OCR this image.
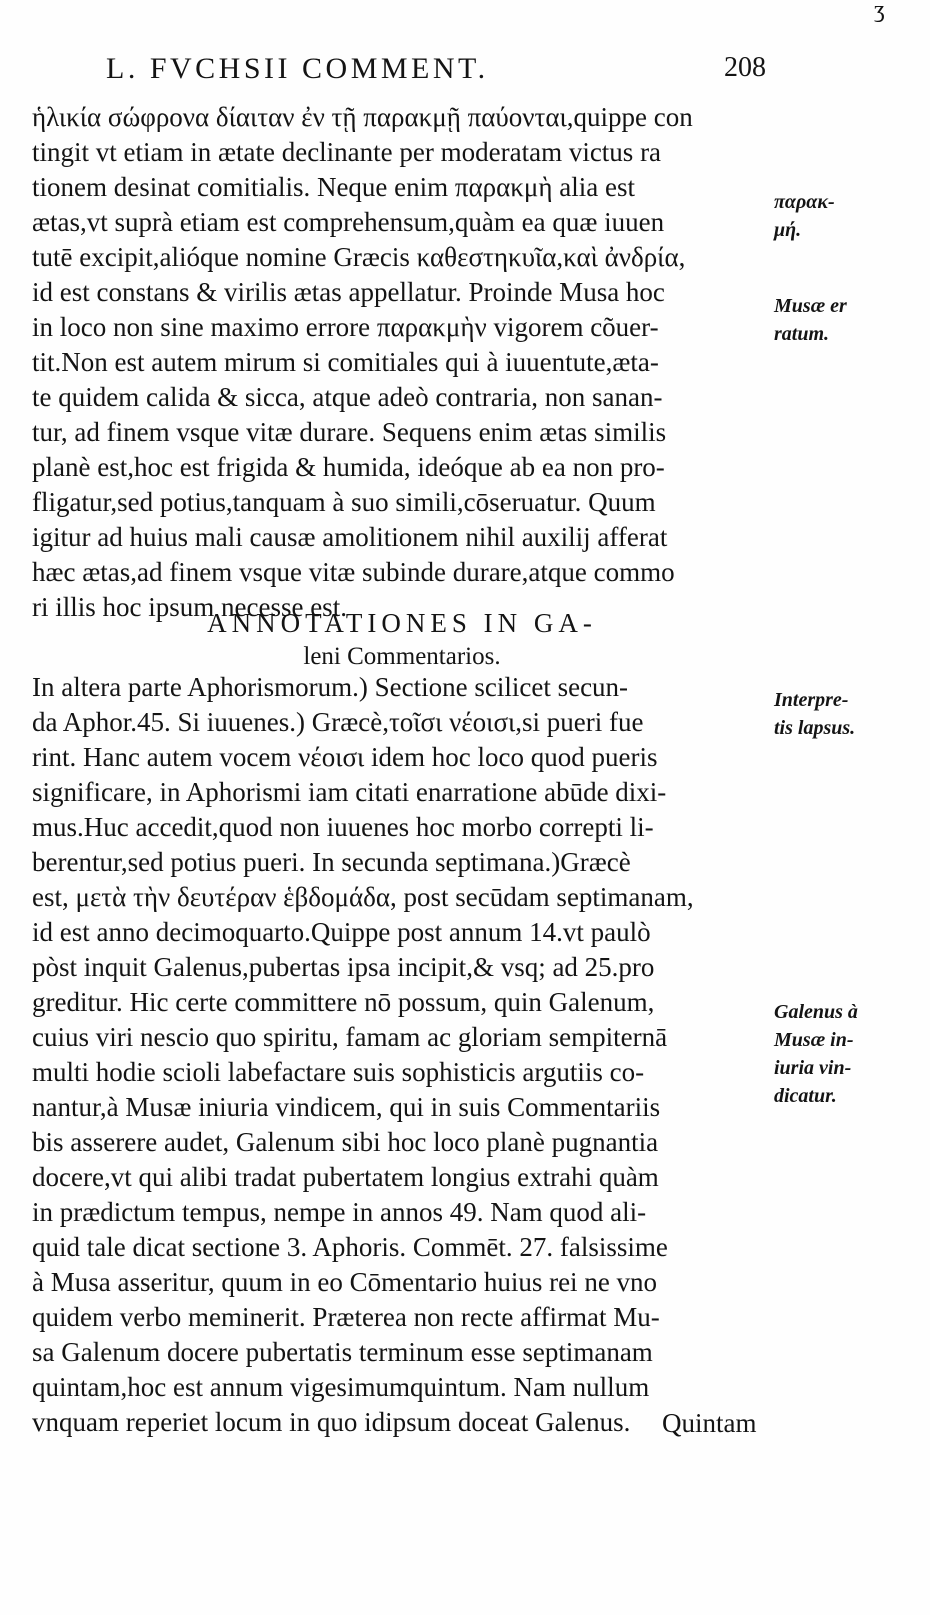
ʒ
L. FVCHSII COMMENT.	208
ἡλικία σώφρονα δίαιταν ἐν τῇ παρακμῇ παύονται,quippe con
tingit vt etiam in ætate declinante per moderatam victus ra
tionem desinat comitialis. Neque enim παρακμὴ alia est
ætas,vt suprà etiam est comprehensum,quàm ea quæ iuuen
tutē excipit,alióque nomine Græcis καθεστηκυῖα,καὶ ἀνδρία,
id est constans & virilis ætas appellatur. Proinde Musa hoc
in loco non sine maximo errore παρακμὴν vigorem cõuer-
tit.Non est autem mirum si comitiales qui à iuuentute,æta-
te quidem calida & sicca, atque adeò contraria, non sanan-
tur, ad finem vsque vitæ durare. Sequens enim ætas similis
planè est,hoc est frigida & humida, ideóque ab ea non pro-
fligatur,sed potius,tanquam à suo simili,cōseruatur. Quum
igitur ad huius mali causæ amolitionem nihil auxilij afferat
hæc ætas,ad finem vsque vitæ subinde durare,atque commo
ri illis hoc ipsum necesse est.
ANNOTATIONES IN GA-
leni Commentarios.
In altera parte Aphorismorum.) Sectione scilicet secun-
da Aphor.45. Si iuuenes.) Græcè,τοῖσι νέοισι,si pueri fue
rint. Hanc autem vocem νέοισι idem hoc loco quod pueris
significare, in Aphorismi iam citati enarratione abūde dixi-
mus.Huc accedit,quod non iuuenes hoc morbo correpti li-
berentur,sed potius pueri. In secunda septimana.)Græcè
est, μετὰ τὴν δευτέραν ἑβδομάδα, post secūdam septimanam,
id est anno decimoquarto.Quippe post annum 14.vt paulò
pòst inquit Galenus,pubertas ipsa incipit,& vsq; ad 25.pro
greditur. Hic certe committere nō possum, quin Galenum,
cuius viri nescio quo spiritu, famam ac gloriam sempiternā
multi hodie scioli labefactare suis sophisticis argutiis co-
nantur,à Musæ iniuria vindicem, qui in suis Commentariis
bis asserere audet, Galenum sibi hoc loco planè pugnantia
docere,vt qui alibi tradat pubertatem longius extrahi quàm
in prædictum tempus, nempe in annos 49. Nam quod ali-
quid tale dicat sectione 3. Aphoris. Commēt. 27. falsissime
à Musa asseritur, quum in eo Cōmentario huius rei ne vno
quidem verbo meminerit. Præterea non recte affirmat Mu-
sa Galenum docere pubertatis terminum esse septimanam
quintam,hoc est annum vigesimumquintum. Nam nullum
vnquam reperiet locum in quo idipsum doceat Galenus.	Quintam
παρακ-
μή.
Musæ er
ratum.
Interpre-
tis lapsus.
Galenus à
Musæ in-
iuria vin-
dicatur.
